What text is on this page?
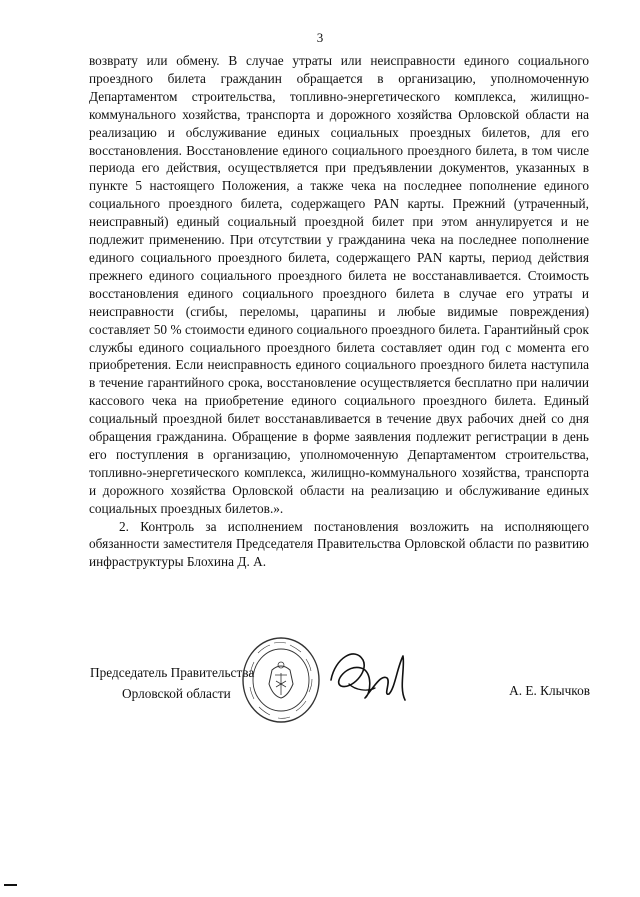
3

возврату или обмену. В случае утраты или неисправности единого социального проездного билета гражданин обращается в организацию, уполномоченную Департаментом строительства, топливно-энергетического комплекса, жилищно-коммунального хозяйства, транспорта и дорожного хозяйства Орловской области на реализацию и обслуживание единых социальных проездных билетов, для его восстановления. Восстановление единого социального проездного билета, в том числе периода его действия, осуществляется при предъявлении документов, указанных в пункте 5 настоящего Положения, а также чека на последнее пополнение единого социального проездного билета, содержащего PAN карты. Прежний (утраченный, неисправный) единый социальный проездной билет при этом аннулируется и не подлежит применению. При отсутствии у гражданина чека на последнее пополнение единого социального проездного билета, содержащего PAN карты, период действия прежнего единого социального проездного билета не восстанавливается. Стоимость восстановления единого социального проездного билета в случае его утраты и неисправности (сгибы, переломы, царапины и любые видимые повреждения) составляет 50 % стоимости единого социального проездного билета. Гарантийный срок службы единого социального проездного билета составляет один год с момента его приобретения. Если неисправность единого социального проездного билета наступила в течение гарантийного срока, восстановление осуществляется бесплатно при наличии кассового чека на приобретение единого социального проездного билета. Единый социальный проездной билет восстанавливается в течение двух рабочих дней со дня обращения гражданина. Обращение в форме заявления подлежит регистрации в день его поступления в организацию, уполномоченную Департаментом строительства, топливно-энергетического комплекса, жилищно-коммунального хозяйства, транспорта и дорожного хозяйства Орловской области на реализацию и обслуживание единых социальных проездных билетов.».

2. Контроль за исполнением постановления возложить на исполняющего обязанности заместителя Председателя Правительства Орловской области по развитию инфраструктуры Блохина Д. А.

Председатель Правительства
Орловской области	А. Е. Клычков
